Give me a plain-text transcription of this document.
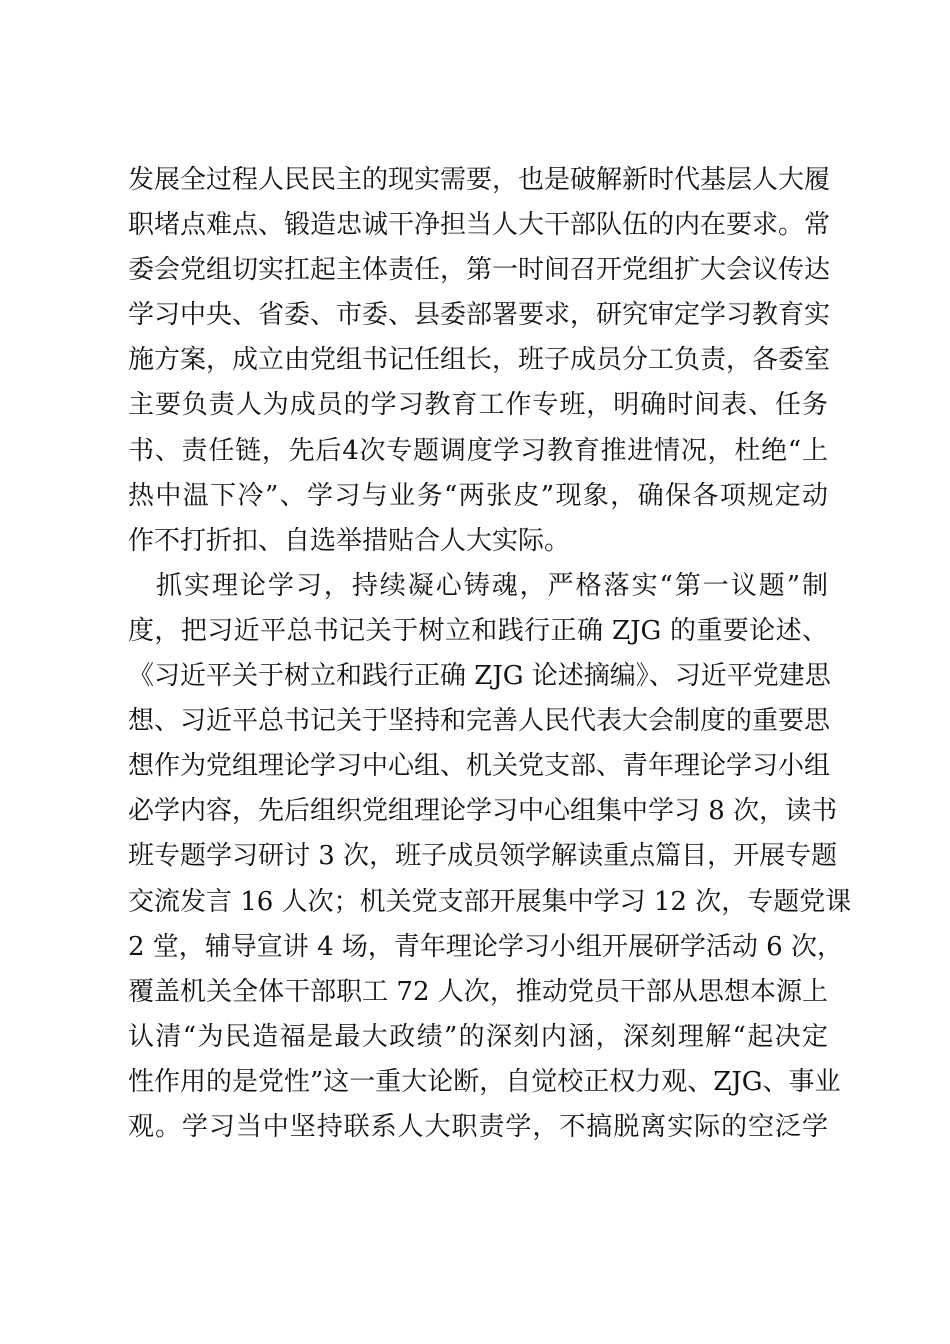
发展全过程人民民主的现实需要，也是破解新时代基层人大履
职堵点难点、锻造忠诚干净担当人大干部队伍的内在要求。常
委会党组切实扛起主体责任，第一时间召开党组扩大会议传达
学习中央、省委、市委、县委部署要求，研究审定学习教育实
施方案，成立由党组书记任组长，班子成员分工负责，各委室
主要负责人为成员的学习教育工作专班，明确时间表、任务
书、责任链，先后4次专题调度学习教育推进情况，杜绝“上
热中温下冷”、学习与业务“两张皮”现象，确保各项规定动
作不打折扣、自选举措贴合人大实际。
抓实理论学习，持续凝心铸魂，严格落实“第一议题”制
度，把习近平总书记关于树立和践行正确 ZJG 的重要论述、
《习近平关于树立和践行正确 ZJG 论述摘编》、习近平党建思
想、习近平总书记关于坚持和完善人民代表大会制度的重要思
想作为党组理论学习中心组、机关党支部、青年理论学习小组
必学内容，先后组织党组理论学习中心组集中学习 8 次，读书
班专题学习研讨 3 次，班子成员领学解读重点篇目，开展专题
交流发言 16 人次；机关党支部开展集中学习 12 次，专题党课
2 堂，辅导宣讲 4 场，青年理论学习小组开展研学活动 6 次，
覆盖机关全体干部职工 72 人次，推动党员干部从思想本源上
认清“为民造福是最大政绩”的深刻内涵，深刻理解“起决定
性作用的是党性”这一重大论断，自觉校正权力观、ZJG、事业
观。学习当中坚持联系人大职责学，不搞脱离实际的空泛学
